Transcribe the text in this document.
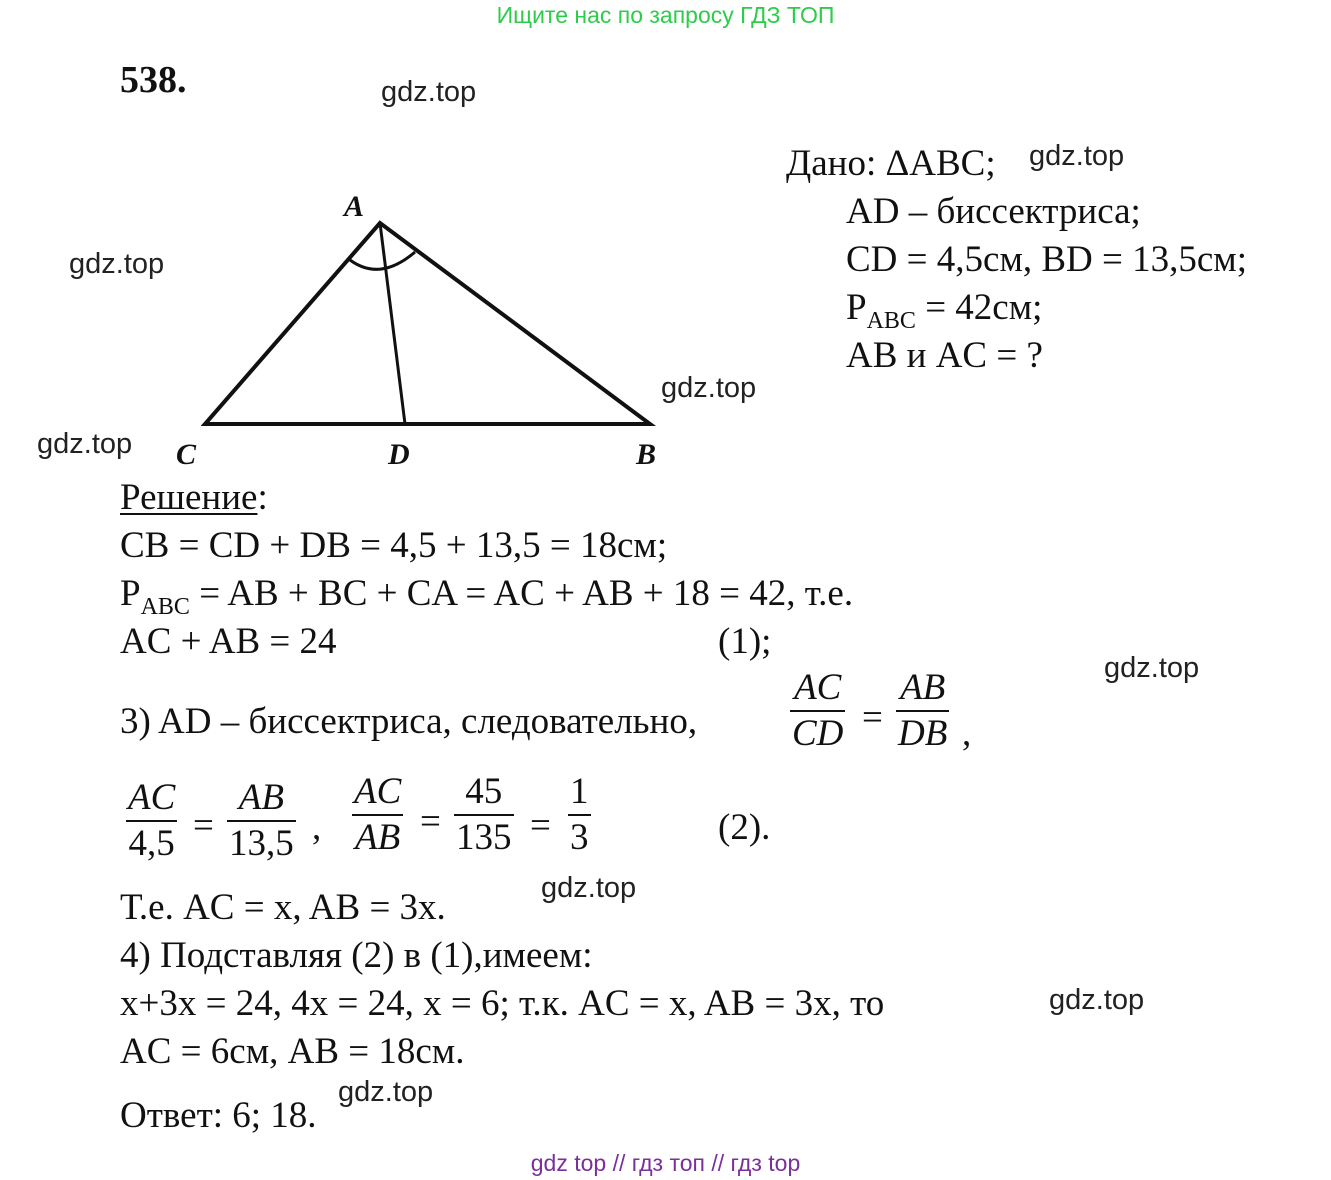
Ищите нас по запросу ГДЗ ТОП
538.	gdz.top
gdz.top
gdz.top
gdz.top
gdz.top
gdz.top
gdz.top
gdz.top
gdz.top
A
C	D	B
Дано: ΔABC;
AD – биссектриса;
CD = 4,5см, BD = 13,5см;
$P_{ABC} = 42см$;
AB и AC = ?
Решение:
CB = CD + DB = 4,5 + 13,5 = 18см;
$P_{ABC}$ = AB + BC + CA = AC + AB + 18 = 42, т.е.
AC + AB = 24	(1);
3) AD – биссектриса, следовательно,	$\frac{AC}{CD} = \frac{AB}{DB}$ ,
$\frac{AC}{4,5} = \frac{AB}{13,5}$ , $\frac{AC}{AB} = \frac{45}{135} = \frac{1}{3}$	(2).
Т.е. AC = x, AB = 3x.
4) Подставляя (2) в (1),имеем:
x+3x = 24, 4x = 24, x = 6; т.к. AC = x, AB = 3x, то
AC = 6см, AB = 18см.
Ответ: 6; 18.
gdz top // гдз топ // гдз top
